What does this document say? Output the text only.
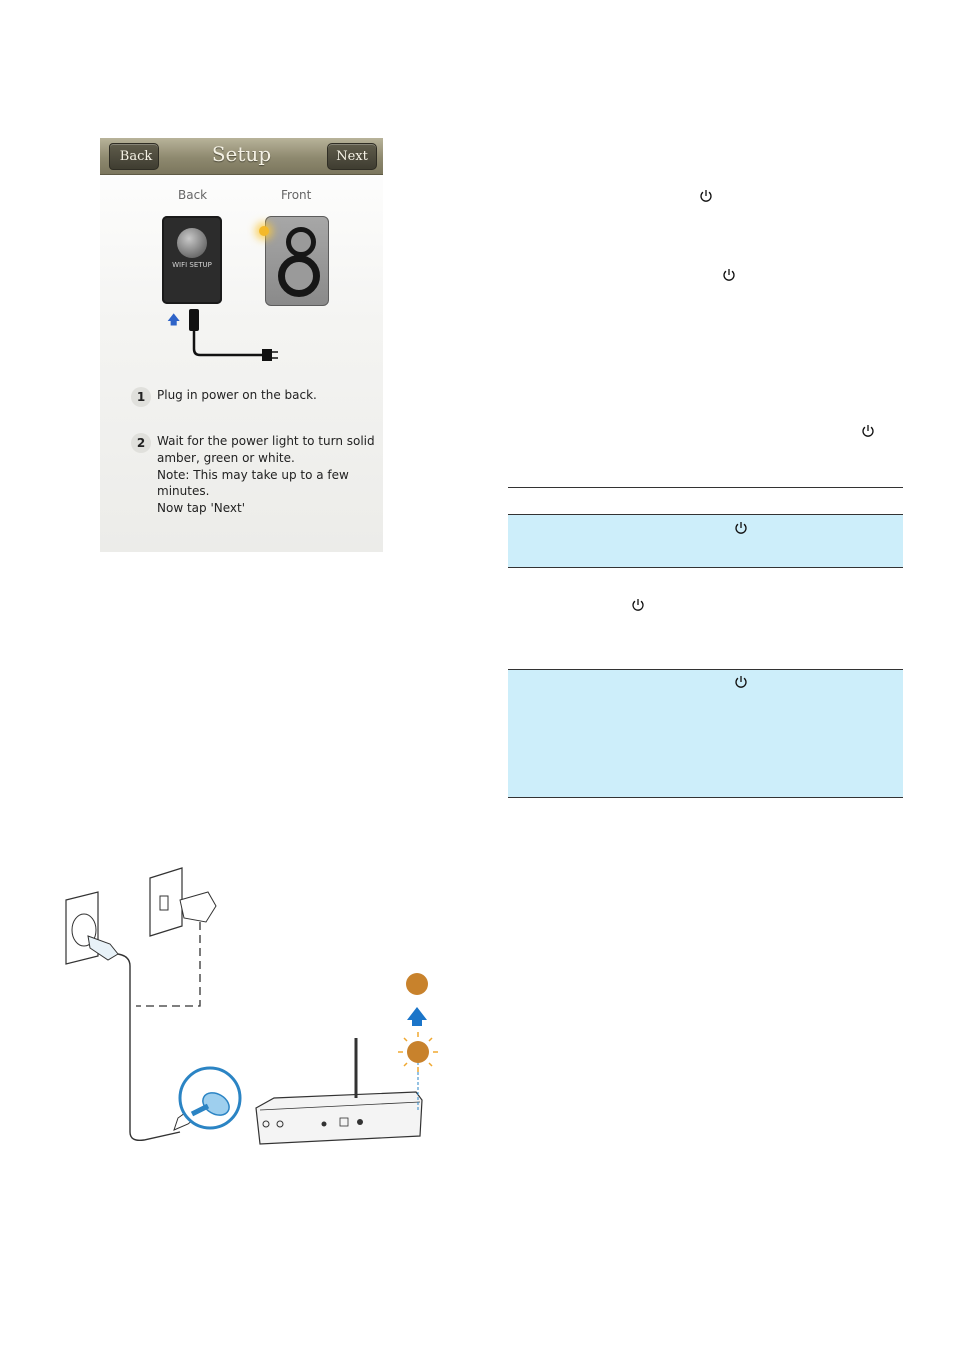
Back	Setup	Next
Back	Front
WIFI SETUP
🡅
1 Plug in power on the back.
2 Wait for the power light to turn solid
amber, green or white.
Note: This may take up to a few
minutes.
Now tap 'Next'
